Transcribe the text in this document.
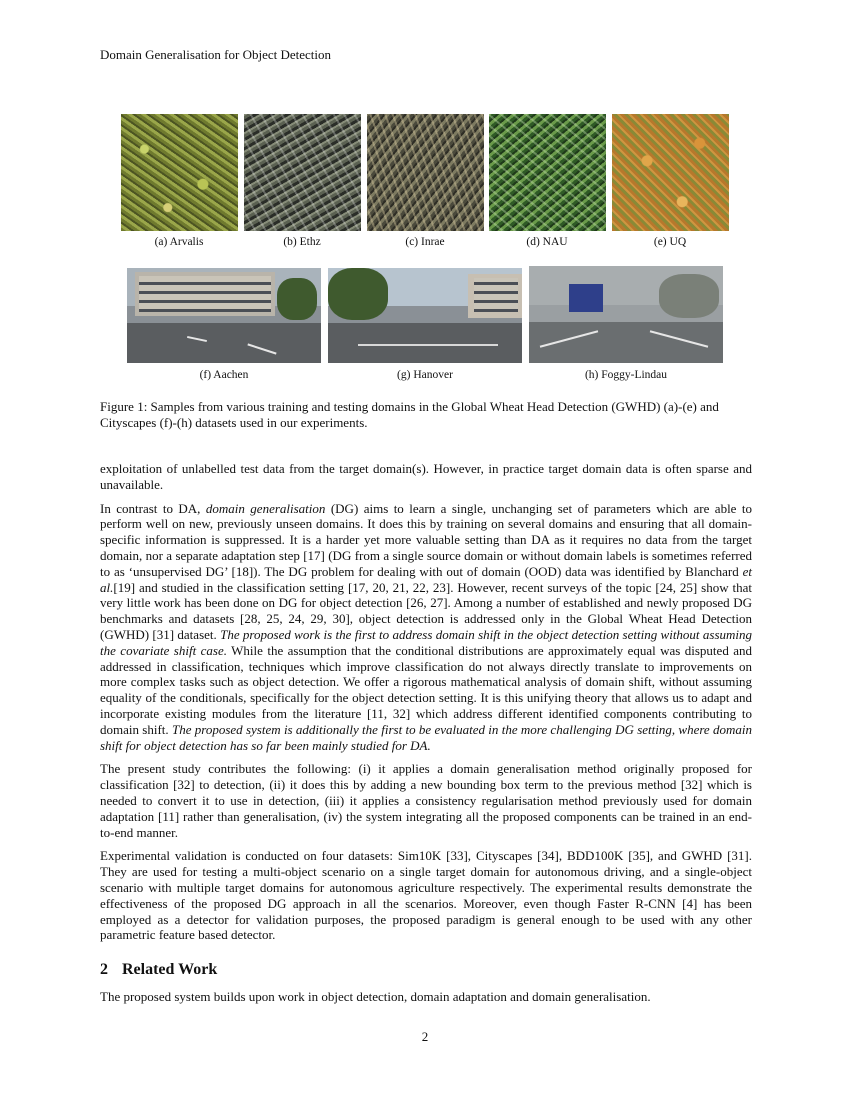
Domain Generalisation for Object Detection
(a) Arvalis	(b) Ethz	(c) Inrae	(d) NAU	(e) UQ
(f) Aachen	(g) Hanover	(h) Foggy-Lindau
Figure 1: Samples from various training and testing domains in the Global Wheat Head Detection (GWHD) (a)-(e) and Cityscapes (f)-(h) datasets used in our experiments.

exploitation of unlabelled test data from the target domain(s). However, in practice target domain data is often sparse and unavailable.

In contrast to DA, domain generalisation (DG) aims to learn a single, unchanging set of parameters which are able to perform well on new, previously unseen domains. It does this by training on several domains and ensuring that all domain-specific information is suppressed. It is a harder yet more valuable setting than DA as it requires no data from the target domain, nor a separate adaptation step [17] (DG from a single source domain or without domain labels is sometimes referred to as ‘unsupervised DG’ [18]). The DG problem for dealing with out of domain (OOD) data was identified by Blanchard et al.[19] and studied in the classification setting [17, 20, 21, 22, 23]. However, recent surveys of the topic [24, 25] show that very little work has been done on DG for object detection [26, 27]. Among a number of established and newly proposed DG benchmarks and datasets [28, 25, 24, 29, 30], object detection is addressed only in the Global Wheat Head Detection (GWHD) [31] dataset. The proposed work is the first to address domain shift in the object detection setting without assuming the covariate shift case. While the assumption that the conditional distributions are approximately equal was disputed and addressed in classification, techniques which improve classification do not always directly translate to improvements on more complex tasks such as object detection. We offer a rigorous mathematical analysis of domain shift, without assuming equality of the conditionals, specifically for the object detection setting. It is this unifying theory that allows us to adapt and incorporate existing modules from the literature [11, 32] which address different identified components contributing to domain shift. The proposed system is additionally the first to be evaluated in the more challenging DG setting, where domain shift for object detection has so far been mainly studied for DA.

The present study contributes the following: (i) it applies a domain generalisation method originally proposed for classification [32] to detection, (ii) it does this by adding a new bounding box term to the previous method [32] which is needed to convert it to use in detection, (iii) it applies a consistency regularisation method previously used for domain adaptation [11] rather than generalisation, (iv) the system integrating all the proposed components can be trained in an end-to-end manner.

Experimental validation is conducted on four datasets: Sim10K [33], Cityscapes [34], BDD100K [35], and GWHD [31]. They are used for testing a multi-object scenario on a single target domain for autonomous driving, and a single-object scenario with multiple target domains for autonomous agriculture respectively. The experimental results demonstrate the effectiveness of the proposed DG approach in all the scenarios. Moreover, even though Faster R-CNN [4] has been employed as a detector for validation purposes, the proposed paradigm is general enough to be used with any other parametric feature based detector.

2 Related Work
The proposed system builds upon work in object detection, domain adaptation and domain generalisation.
2
